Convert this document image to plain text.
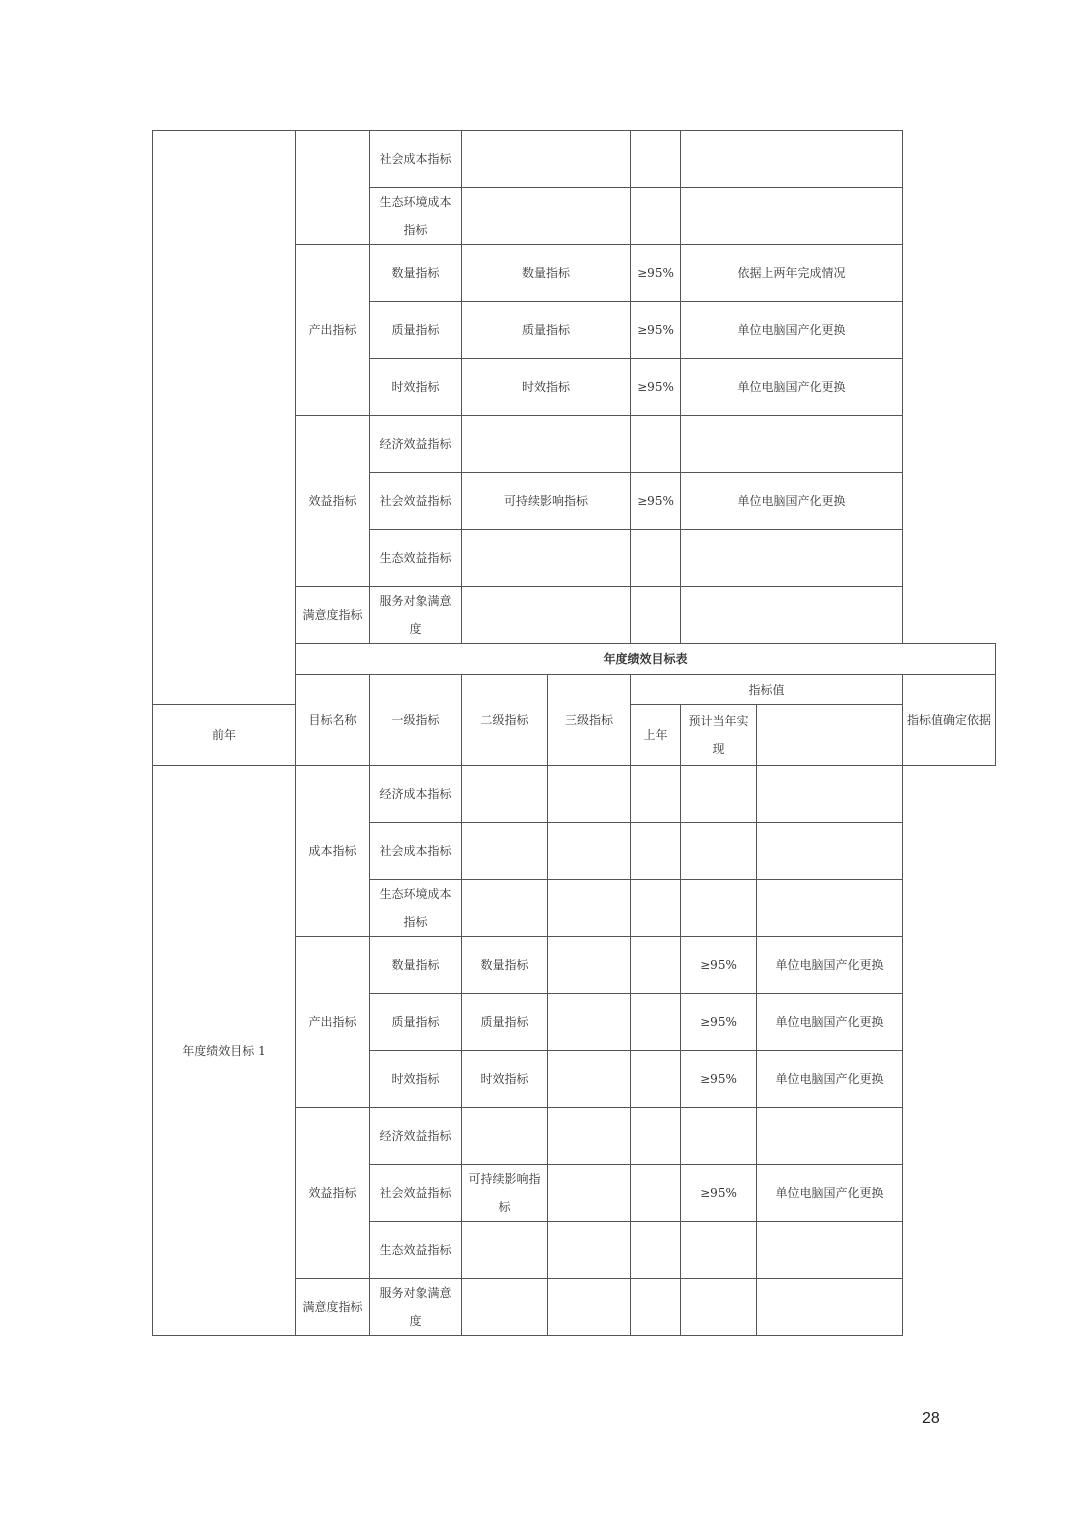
		社会成本指标						
		生态环境成本指标						
	产出指标	数量指标	数量指标		≥95%	依据上两年完成情况		
		质量指标	质量指标		≥95%	单位电脑国产化更换		
		时效指标	时效指标		≥95%	单位电脑国产化更换		
	效益指标	经济效益指标						
		社会效益指标	可持续影响指标		≥95%	单位电脑国产化更换		
		生态效益指标						
	满意度指标	服务对象满意度						
	年度绩效目标表							
	目标名称	一级指标	二级指标	三级指标	指标值			指标值确定依据
前年					上年	预计当年实现		
年度绩效目标 1	成本指标	经济成本指标						
		社会成本指标						
		生态环境成本指标						
	产出指标	数量指标	数量指标			≥95%	单位电脑国产化更换	
		质量指标	质量指标			≥95%	单位电脑国产化更换	
		时效指标	时效指标			≥95%	单位电脑国产化更换	
	效益指标	经济效益指标						
		社会效益指标	可持续影响指标			≥95%	单位电脑国产化更换	
		生态效益指标						
	满意度指标	服务对象满意度						
28
